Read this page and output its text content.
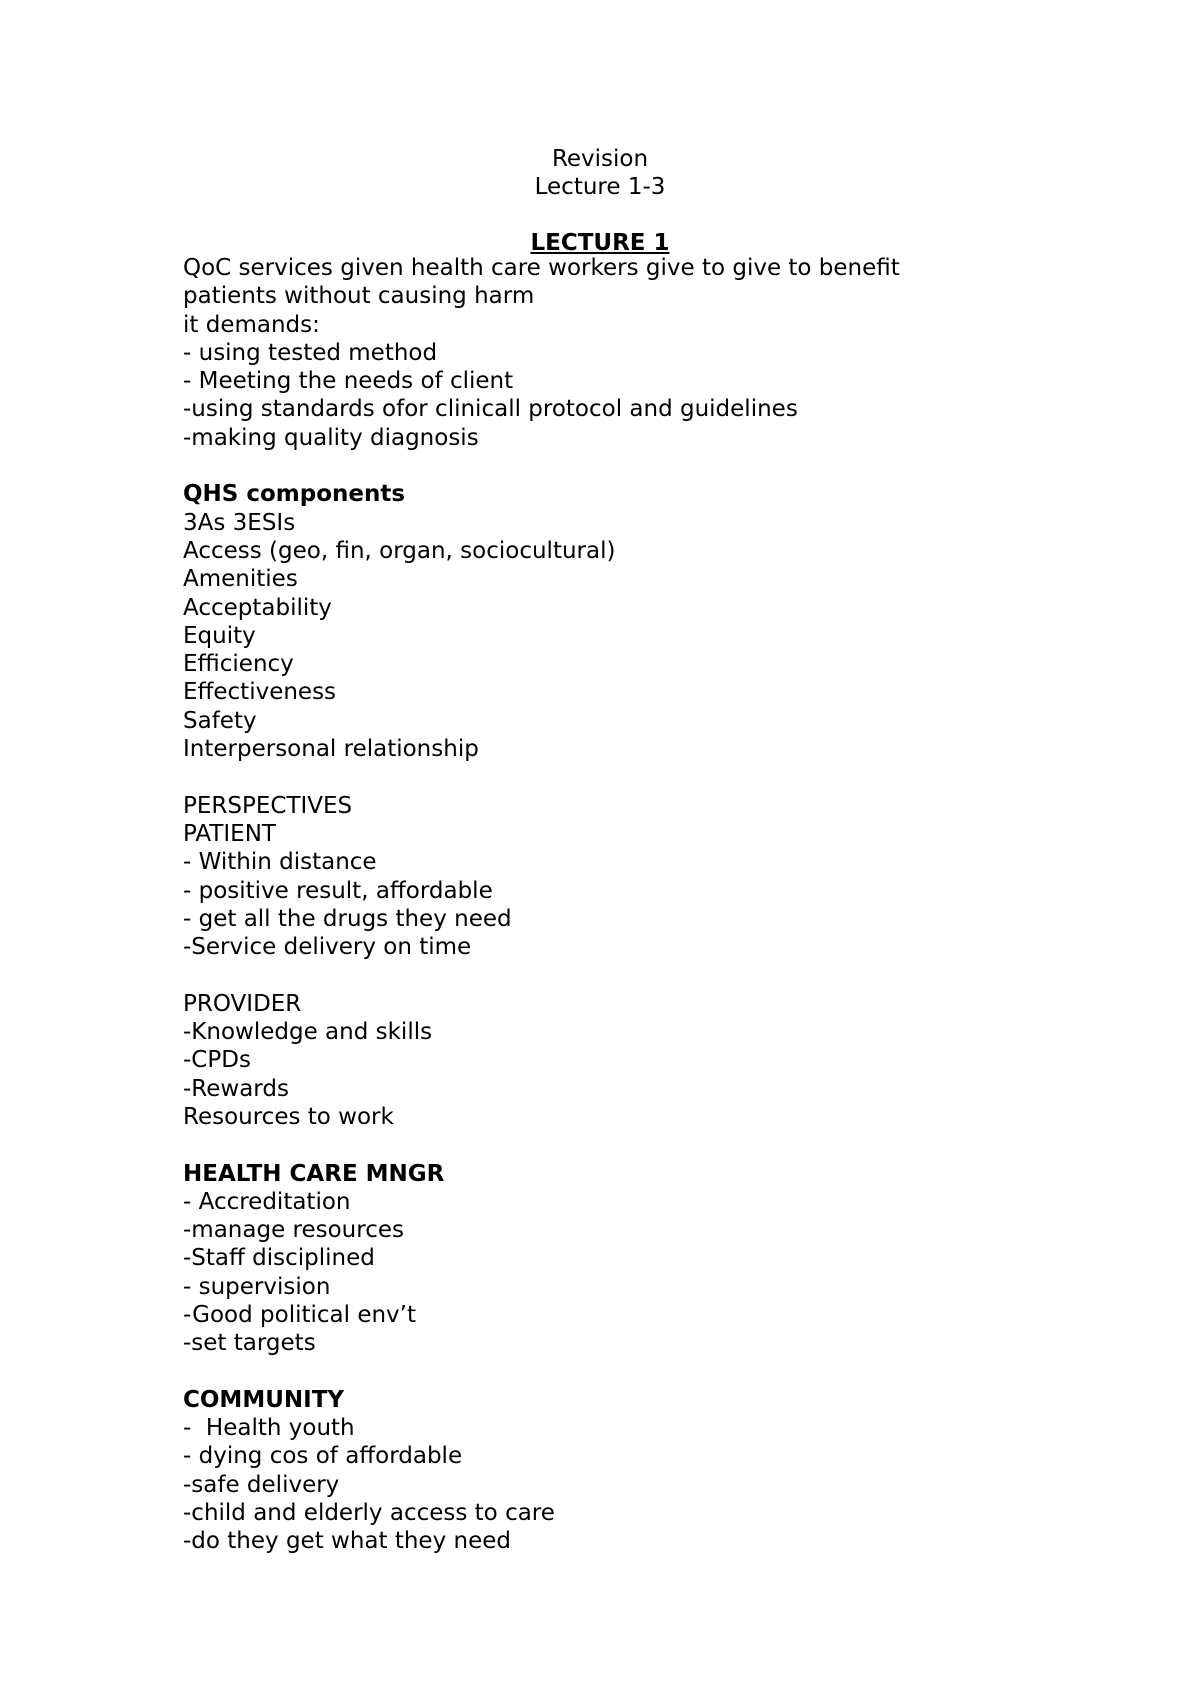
Revision
Lecture 1-3
LECTURE 1
QoC services given health care workers give to give to benefit
patients without causing harm
it demands:
- using tested method
- Meeting the needs of client
-using standards ofor clinicall protocol and guidelines
-making quality diagnosis
QHS components
3As 3ESIs
Access (geo, fin, organ, sociocultural)
Amenities
Acceptability
Equity
Efficiency
Effectiveness
Safety
Interpersonal relationship
PERSPECTIVES
PATIENT
- Within distance
- positive result, affordable
- get all the drugs they need
-Service delivery on time
PROVIDER
-Knowledge and skills
-CPDs
-Rewards
Resources to work
HEALTH CARE MNGR
- Accreditation
-manage resources
-Staff disciplined
- supervision
-Good political env’t
-set targets
COMMUNITY
-  Health youth
- dying cos of affordable
-safe delivery
-child and elderly access to care
-do they get what they need
